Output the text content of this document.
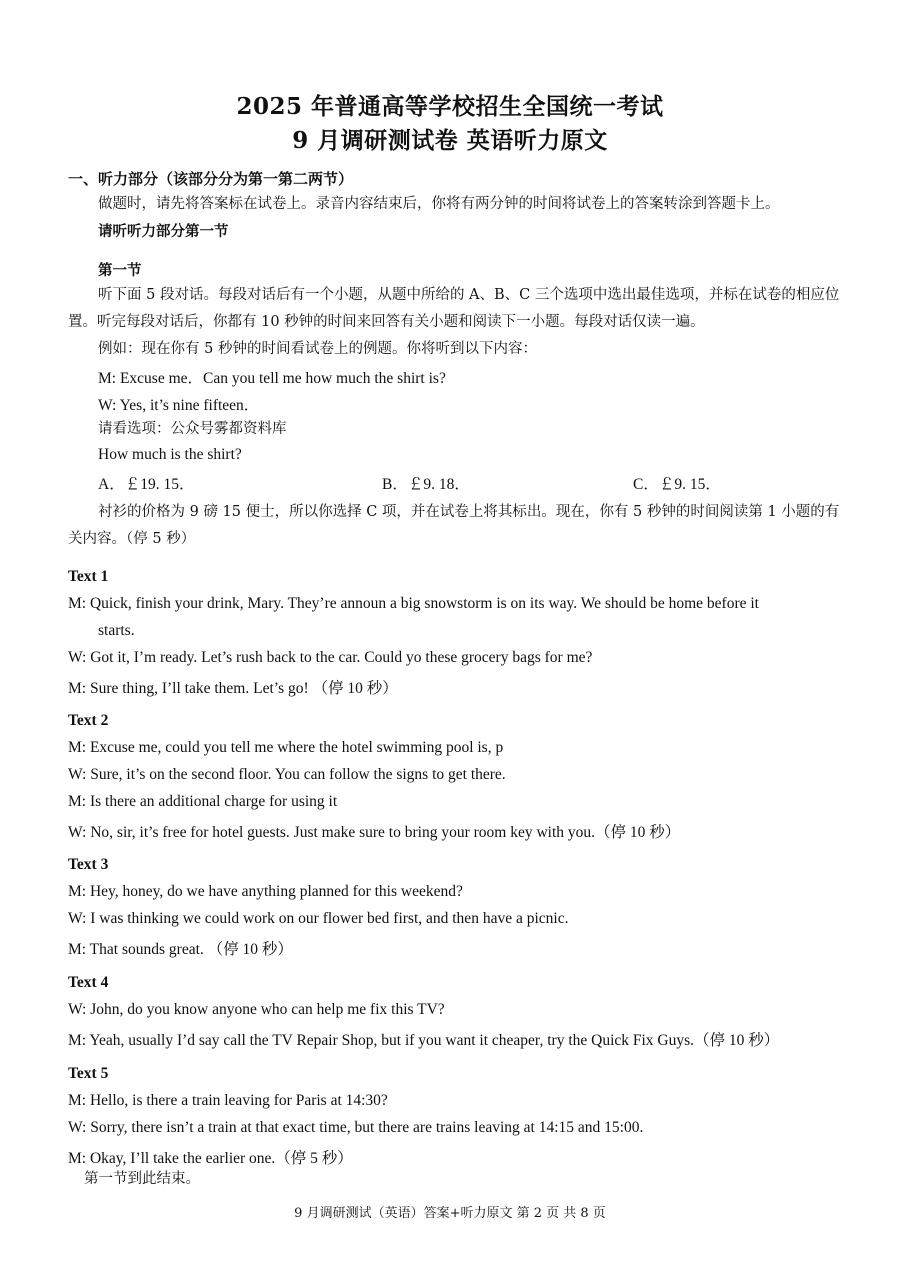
2025 年普通高等学校招生全国统一考试
9 月调研测试卷 英语听力原文
一、听力部分（该部分分为第一第二两节）
做题时，请先将答案标在试卷上。录音内容结束后，你将有两分钟的时间将试卷上的答案转涂到答题卡上。
请听听力部分第一节
第一节
听下面 5 段对话。每段对话后有一个小题，从题中所给的 A、B、C 三个选项中选出最佳选项，并标在试卷的相应位置。听完每段对话后，你都有 10 秒钟的时间来回答有关小题和阅读下一小题。每段对话仅读一遍。
例如：现在你有 5 秒钟的时间看试卷上的例题。你将听到以下内容：
M: Excuse me．Can you tell me how much the shirt is?
W: Yes, it’s nine fifteen．
请看选项：公众号雾都资料库
How much is the shirt?
A．￡19. 15．	B．￡9. 18．	C．￡9. 15．
衬衫的价格为 9 磅 15 便士，所以你选择 C 项，并在试卷上将其标出。现在，你有 5 秒钟的时间阅读第 1 小题的有关内容。（停 5 秒）
Text 1
M: Quick, finish your drink, Mary. They’re announ a big snowstorm is on its way. We should be home before it
starts.
W: Got it, I’m ready. Let’s rush back to the car. Could yo these grocery bags for me?
M: Sure thing, I’ll take them. Let’s go! （停 10 秒）
Text 2
M: Excuse me, could you tell me where the hotel swimming pool is, p
W: Sure, it’s on the second floor. You can follow the signs to get there.
M: Is there an additional charge for using it
W: No, sir, it’s free for hotel guests. Just make sure to bring your room key with you.（停 10 秒）
Text 3
M: Hey, honey, do we have anything planned for this weekend?
W: I was thinking we could work on our flower bed first, and then have a picnic.
M: That sounds great. （停 10 秒）
Text 4
W: John, do you know anyone who can help me fix this TV?
M: Yeah, usually I’d say call the TV Repair Shop, but if you want it cheaper, try the Quick Fix Guys.（停 10 秒）
Text 5
M: Hello, is there a train leaving for Paris at 14:30?
W: Sorry, there isn’t a train at that exact time, but there are trains leaving at 14:15 and 15:00.
M: Okay, I’ll take the earlier one.（停 5 秒）
第一节到此结束。
9 月调研测试（英语）答案+听力原文 第 2 页 共 8 页
